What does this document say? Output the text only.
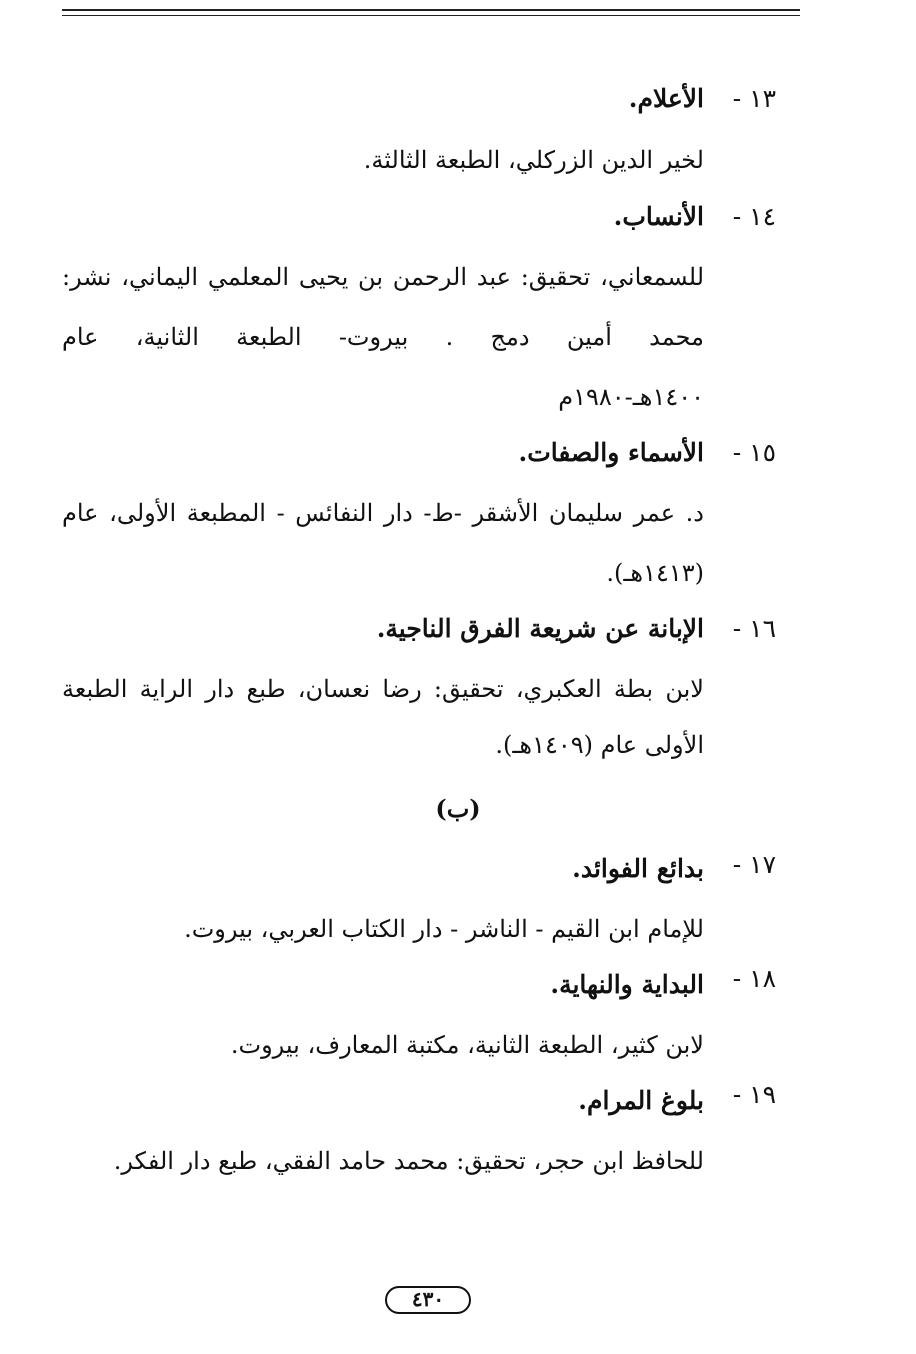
١٣ -
الأعلام.
لخير الدين الزركلي، الطبعة الثالثة.
١٤ -
الأنساب.
للسمعاني، تحقيق: عبد الرحمن بن يحيى المعلمي اليماني، نشر:
محمد أمين دمج . بيروت- الطبعة الثانية، عام
١٤٠٠هـ-١٩٨٠م
١٥ -
الأسماء والصفات.
د. عمر سليمان الأشقر -ط- دار النفائس - المطبعة الأولى، عام
(١٤١٣هـ).
١٦ -
الإبانة عن شريعة الفرق الناجية.
لابن بطة العكبري، تحقيق: رضا نعسان، طبع دار الراية الطبعة
الأولى عام (١٤٠٩هـ).
(ب)
١٧ -
بدائع الفوائد.
للإمام ابن القيم - الناشر - دار الكتاب العربي، بيروت.
١٨ -
البداية والنهاية.
لابن كثير، الطبعة الثانية، مكتبة المعارف، بيروت.
١٩ -
بلوغ المرام.
للحافظ ابن حجر، تحقيق: محمد حامد الفقي، طبع دار الفكر.
٤٣٠
